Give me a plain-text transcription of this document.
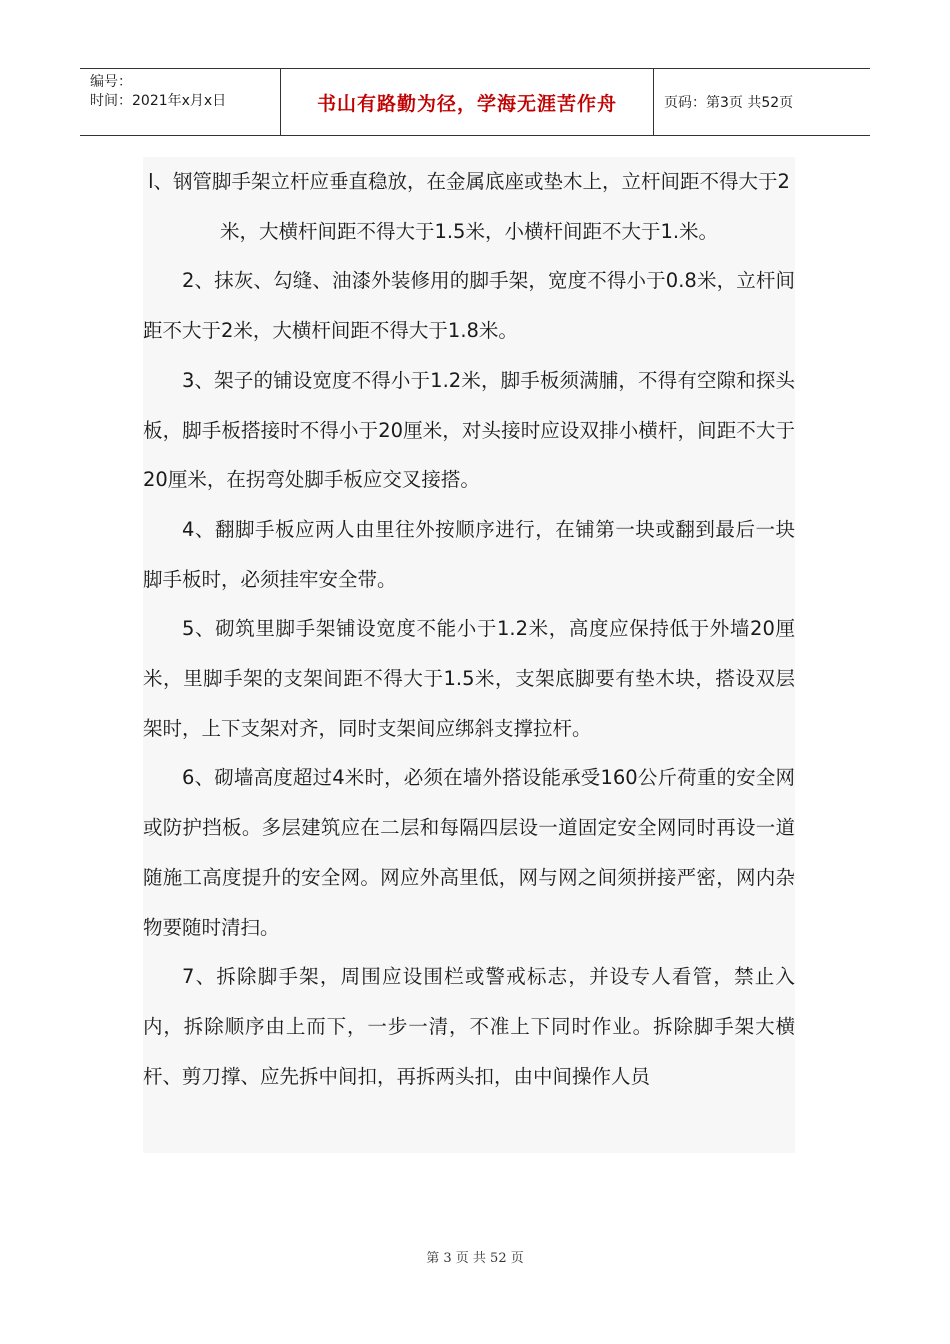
编号：
时间：2021年x月x日	书山有路勤为径，学海无涯苦作舟	页码：第3页 共52页

l、钢管脚手架立杆应垂直稳放，在金属底座或垫木上，立杆间距不得大于2米，大横杆间距不得大于1.5米，小横杆间距不大于1.米。

2、抹灰、勾缝、油漆外装修用的脚手架，宽度不得小于0.8米，立杆间距不大于2米，大横杆间距不得大于1.8米。

3、架子的铺设宽度不得小于1.2米，脚手板须满脯，不得有空隙和探头板，脚手板搭接时不得小于20厘米，对头接时应设双排小横杆，间距不大于20厘米，在拐弯处脚手板应交叉接搭。

4、翻脚手板应两人由里往外按顺序进行，在铺第一块或翻到最后一块脚手板时，必须挂牢安全带。

5、砌筑里脚手架铺设宽度不能小于1.2米，高度应保持低于外墙20厘米，里脚手架的支架间距不得大于1.5米，支架底脚要有垫木块，搭设双层架时，上下支架对齐，同时支架间应绑斜支撑拉杆。

6、砌墙高度超过4米时，必须在墙外搭设能承受160公斤荷重的安全网或防护挡板。多层建筑应在二层和每隔四层设一道固定安全网同时再设一道随施工高度提升的安全网。网应外高里低，网与网之间须拼接严密，网内杂物要随时清扫。

7、拆除脚手架，周围应设围栏或警戒标志，并设专人看管，禁止入内，拆除顺序由上而下，一步一清，不准上下同时作业。拆除脚手架大横杆、剪刀撑、应先拆中间扣，再拆两头扣，由中间操作人员

第 3 页 共 52 页
